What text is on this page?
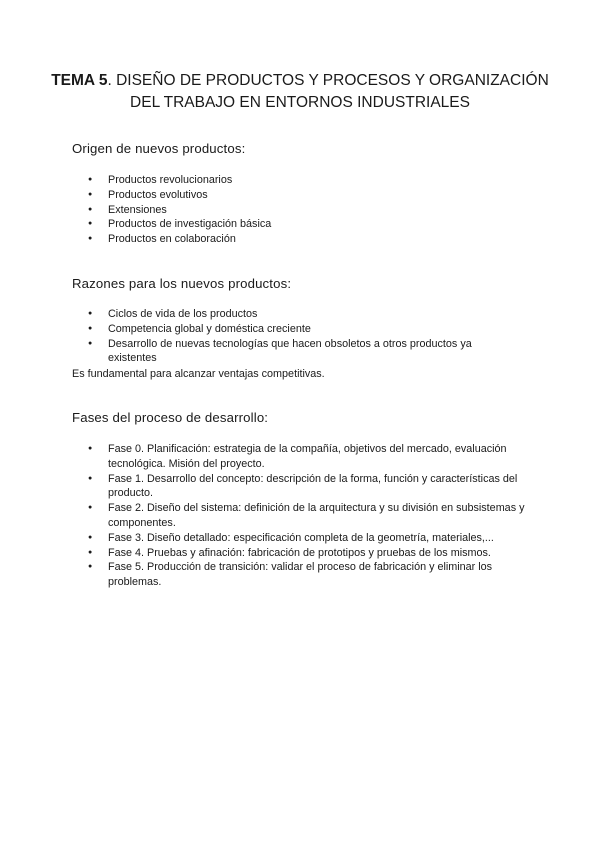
TEMA 5. DISEÑO DE PRODUCTOS Y PROCESOS Y ORGANIZACIÓN DEL TRABAJO EN ENTORNOS INDUSTRIALES
Origen de nuevos productos:
● Productos revolucionarios
● Productos evolutivos
● Extensiones
● Productos de investigación básica
● Productos en colaboración
Razones para los nuevos productos:
● Ciclos de vida de los productos
● Competencia global y doméstica creciente
● Desarrollo de nuevas tecnologías que hacen obsoletos a otros productos ya existentes

Es fundamental para alcanzar ventajas competitivas.

Fases del proceso de desarrollo:
● Fase 0. Planificación: estrategia de la compañía, objetivos del mercado, evaluación tecnológica. Misión del proyecto.
● Fase 1. Desarrollo del concepto: descripción de la forma, función y características del producto.
● Fase 2. Diseño del sistema: definición de la arquitectura y su división en subsistemas y componentes.
● Fase 3. Diseño detallado: especificación completa de la geometría, materiales,...
● Fase 4. Pruebas y afinación: fabricación de prototipos y pruebas de los mismos.
● Fase 5. Producción de transición: validar el proceso de fabricación y eliminar los problemas.
